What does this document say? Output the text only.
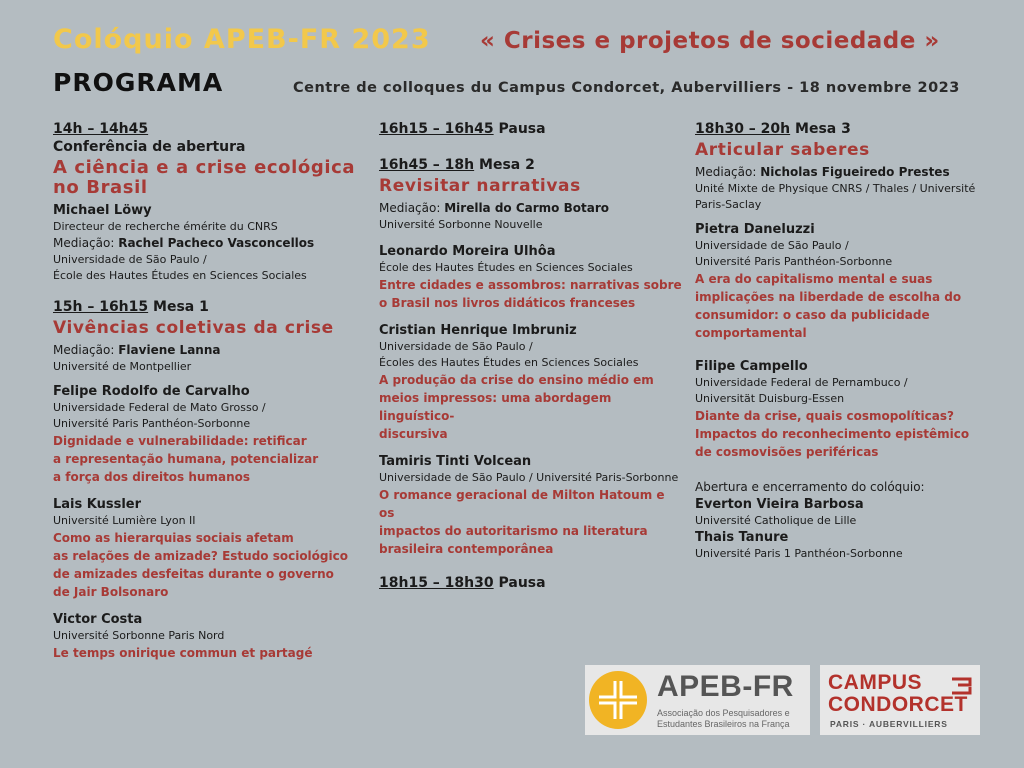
Colóquio APEB-FR 2023 « Crises e projetos de sociedade »
PROGRAMA	Centre de colloques du Campus Condorcet, Aubervilliers - 18 novembre 2023

14h – 14h45

Conferência de abertura

A ciência e a crise ecológica no Brasil

Michael Löwy

Directeur de recherche émérite du CNRS

Mediação: Rachel Pacheco Vasconcellos

Universidade de São Paulo /

École des Hautes Études en Sciences Sociales

15h – 16h15 Mesa 1

Vivências coletivas da crise

Mediação: Flaviene Lanna

Université de Montpellier

Felipe Rodolfo de Carvalho

Universidade Federal de Mato Grosso /

Université Paris Panthéon-Sorbonne

Dignidade e vulnerabilidade: retificar

a representação humana, potencializar

a força dos direitos humanos

Lais Kussler

Université Lumière Lyon II

Como as hierarquias sociais afetam

as relações de amizade? Estudo sociológico

de amizades desfeitas durante o governo

de Jair Bolsonaro

Victor Costa

Université Sorbonne Paris Nord

Le temps onirique commun et partagé

16h15 – 16h45 Pausa

16h45 – 18h Mesa 2

Revisitar narrativas

Mediação: Mirella do Carmo Botaro

Université Sorbonne Nouvelle

Leonardo Moreira Ulhôa

École des Hautes Études en Sciences Sociales

Entre cidades e assombros: narrativas sobre

o Brasil nos livros didáticos franceses

Cristian Henrique Imbruniz

Universidade de São Paulo /

Écoles des Hautes Études en Sciences Sociales

A produção da crise do ensino médio em

meios impressos: uma abordagem linguístico-

discursiva

Tamiris Tinti Volcean

Universidade de São Paulo / Université Paris-Sorbonne

O romance geracional de Milton Hatoum e os

impactos do autoritarismo na literatura

brasileira contemporânea

18h15 – 18h30 Pausa

18h30 – 20h Mesa 3

Articular saberes

Mediação: Nicholas Figueiredo Prestes

Unité Mixte de Physique CNRS / Thales / Université

Paris-Saclay

Pietra Daneluzzi

Universidade de São Paulo /

Université Paris Panthéon-Sorbonne

A era do capitalismo mental e suas

implicações na liberdade de escolha do

consumidor: o caso da publicidade

comportamental

Filipe Campello

Universidade Federal de Pernambuco /

Universität Duisburg-Essen

Diante da crise, quais cosmopolíticas?

Impactos do reconhecimento epistêmico

de cosmovisões periféricas

Abertura e encerramento do colóquio:

Everton Vieira Barbosa

Université Catholique de Lille

Thais Tanure

Université Paris 1 Panthéon-Sorbonne

APEB-FR
Associação dos Pesquisadores e
Estudantes Brasileiros na França
CAMPUS
CONDORCET
PARIS · AUBERVILLIERS
